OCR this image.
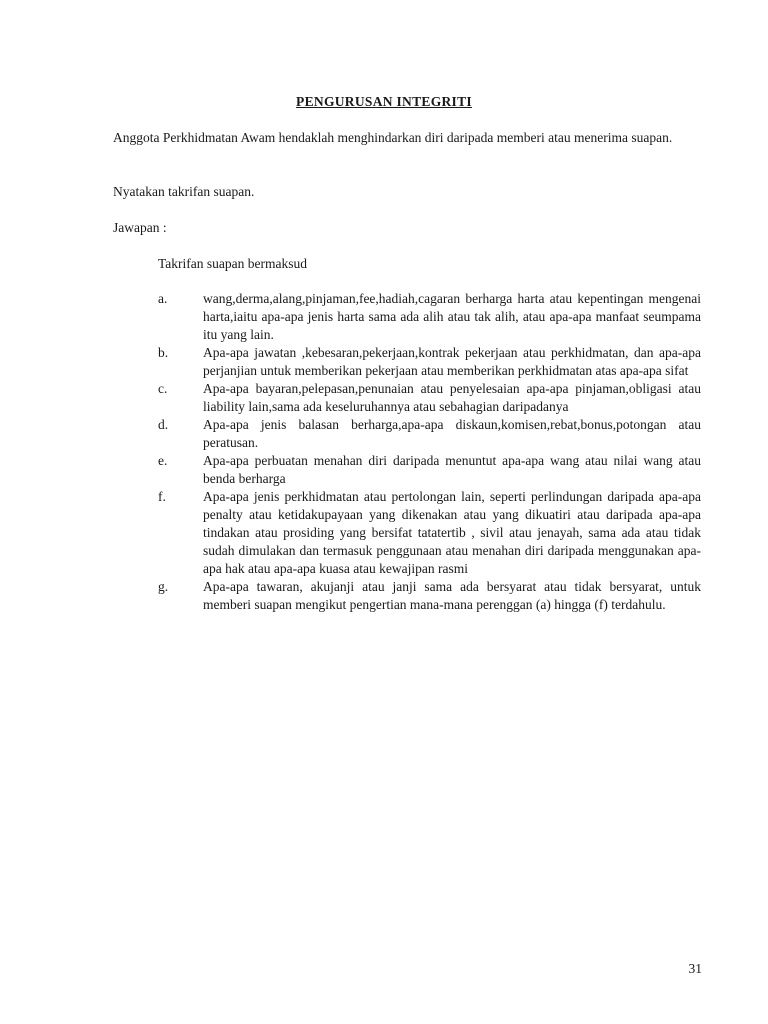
PENGURUSAN INTEGRITI
Anggota Perkhidmatan Awam hendaklah menghindarkan diri daripada memberi atau menerima suapan.
Nyatakan takrifan suapan.
Jawapan :
Takrifan suapan bermaksud
a.	wang,derma,alang,pinjaman,fee,hadiah,cagaran berharga harta atau kepentingan mengenai harta,iaitu apa-apa jenis harta sama ada alih atau tak alih, atau apa-apa manfaat seumpama itu yang lain.
b.	Apa-apa jawatan ,kebesaran,pekerjaan,kontrak pekerjaan atau perkhidmatan, dan apa-apa perjanjian untuk memberikan pekerjaan atau memberikan perkhidmatan atas apa-apa sifat
c.	Apa-apa bayaran,pelepasan,penunaian atau penyelesaian apa-apa pinjaman,obligasi atau liability lain,sama ada keseluruhannya atau sebahagian daripadanya
d.	Apa-apa jenis balasan berharga,apa-apa diskaun,komisen,rebat,bonus,potongan atau peratusan.
e.	Apa-apa perbuatan menahan diri daripada menuntut apa-apa wang atau nilai wang atau benda berharga
f.	Apa-apa jenis perkhidmatan atau pertolongan lain, seperti perlindungan daripada apa-apa penalty atau ketidakupayaan yang dikenakan atau yang dikuatiri atau daripada apa-apa tindakan atau prosiding yang bersifat tatatertib , sivil atau jenayah, sama ada atau tidak sudah dimulakan dan termasuk penggunaan atau menahan diri daripada menggunakan apa-apa hak atau apa-apa kuasa atau kewajipan rasmi
g.	Apa-apa tawaran, akujanji atau janji sama ada bersyarat atau tidak bersyarat, untuk memberi suapan mengikut pengertian mana-mana perenggan (a) hingga (f) terdahulu.
31
